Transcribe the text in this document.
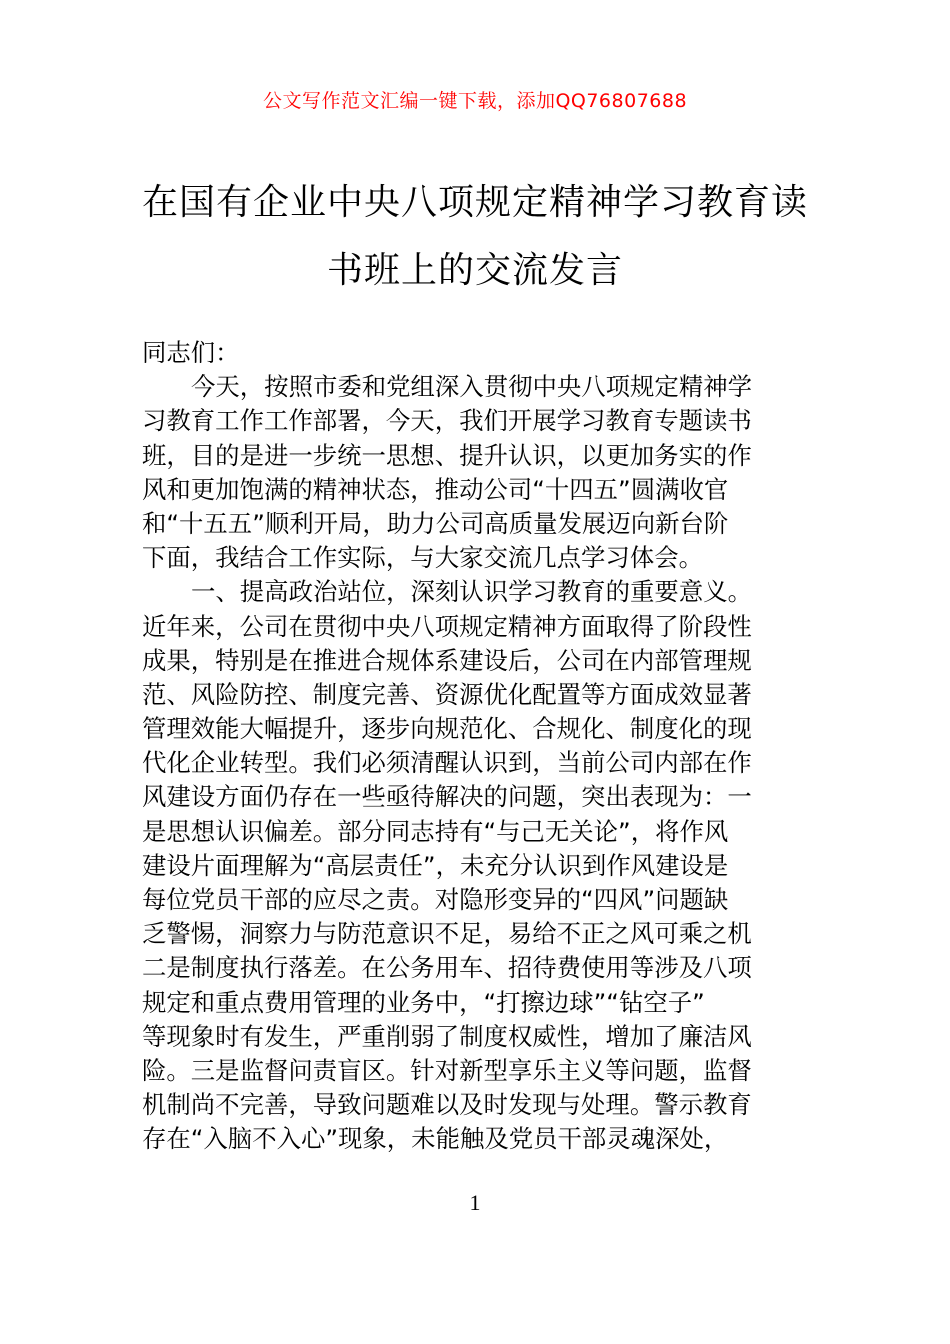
公文写作范文汇编一键下载，添加QQ76807688
在国有企业中央八项规定精神学习教育读
书班上的交流发言
同志们：
今天，按照市委和党组深入贯彻中央八项规定精神学
习教育工作工作部署，今天，我们开展学习教育专题读书
班，目的是进一步统一思想、提升认识，以更加务实的作
风和更加饱满的精神状态，推动公司“十四五”圆满收官
和“十五五”顺利开局，助力公司高质量发展迈向新台阶
下面，我结合工作实际，与大家交流几点学习体会。
一、提高政治站位，深刻认识学习教育的重要意义。
近年来，公司在贯彻中央八项规定精神方面取得了阶段性
成果，特别是在推进合规体系建设后，公司在内部管理规
范、风险防控、制度完善、资源优化配置等方面成效显著
管理效能大幅提升，逐步向规范化、合规化、制度化的现
代化企业转型。我们必须清醒认识到，当前公司内部在作
风建设方面仍存在一些亟待解决的问题，突出表现为：一
是思想认识偏差。部分同志持有“与己无关论”，将作风
建设片面理解为“高层责任”，未充分认识到作风建设是
每位党员干部的应尽之责。对隐形变异的“四风”问题缺
乏警惕，洞察力与防范意识不足，易给不正之风可乘之机
二是制度执行落差。在公务用车、招待费使用等涉及八项
规定和重点费用管理的业务中，“打擦边球”“钻空子”
等现象时有发生，严重削弱了制度权威性，增加了廉洁风
险。三是监督问责盲区。针对新型享乐主义等问题，监督
机制尚不完善，导致问题难以及时发现与处理。警示教育
存在“入脑不入心”现象，未能触及党员干部灵魂深处，
1
